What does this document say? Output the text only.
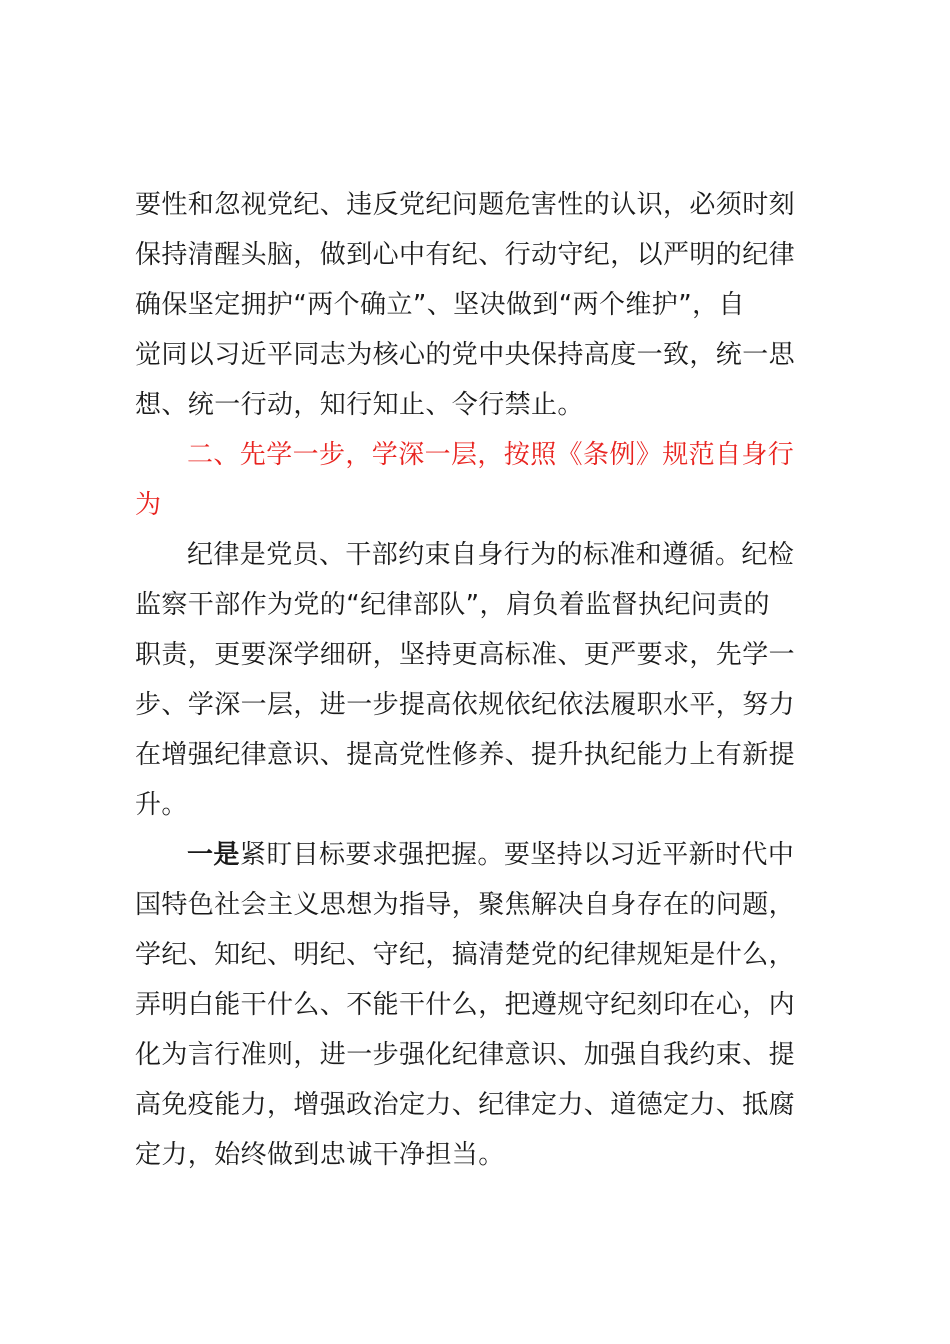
要性和忽视党纪、违反党纪问题危害性的认识，必须时刻
保持清醒头脑，做到心中有纪、行动守纪，以严明的纪律
确保坚定拥护“两个确立”、坚决做到“两个维护”，自
觉同以习近平同志为核心的党中央保持高度一致，统一思
想、统一行动，知行知止、令行禁止。
二、先学一步，学深一层，按照《条例》规范自身行
为
纪律是党员、干部约束自身行为的标准和遵循。纪检
监察干部作为党的“纪律部队”，肩负着监督执纪问责的
职责，更要深学细研，坚持更高标准、更严要求，先学一
步、学深一层，进一步提高依规依纪依法履职水平，努力
在增强纪律意识、提高党性修养、提升执纪能力上有新提
升。
一是紧盯目标要求强把握。要坚持以习近平新时代中
国特色社会主义思想为指导，聚焦解决自身存在的问题，
学纪、知纪、明纪、守纪，搞清楚党的纪律规矩是什么，
弄明白能干什么、不能干什么，把遵规守纪刻印在心，内
化为言行准则，进一步强化纪律意识、加强自我约束、提
高免疫能力，增强政治定力、纪律定力、道德定力、抵腐
定力，始终做到忠诚干净担当。
